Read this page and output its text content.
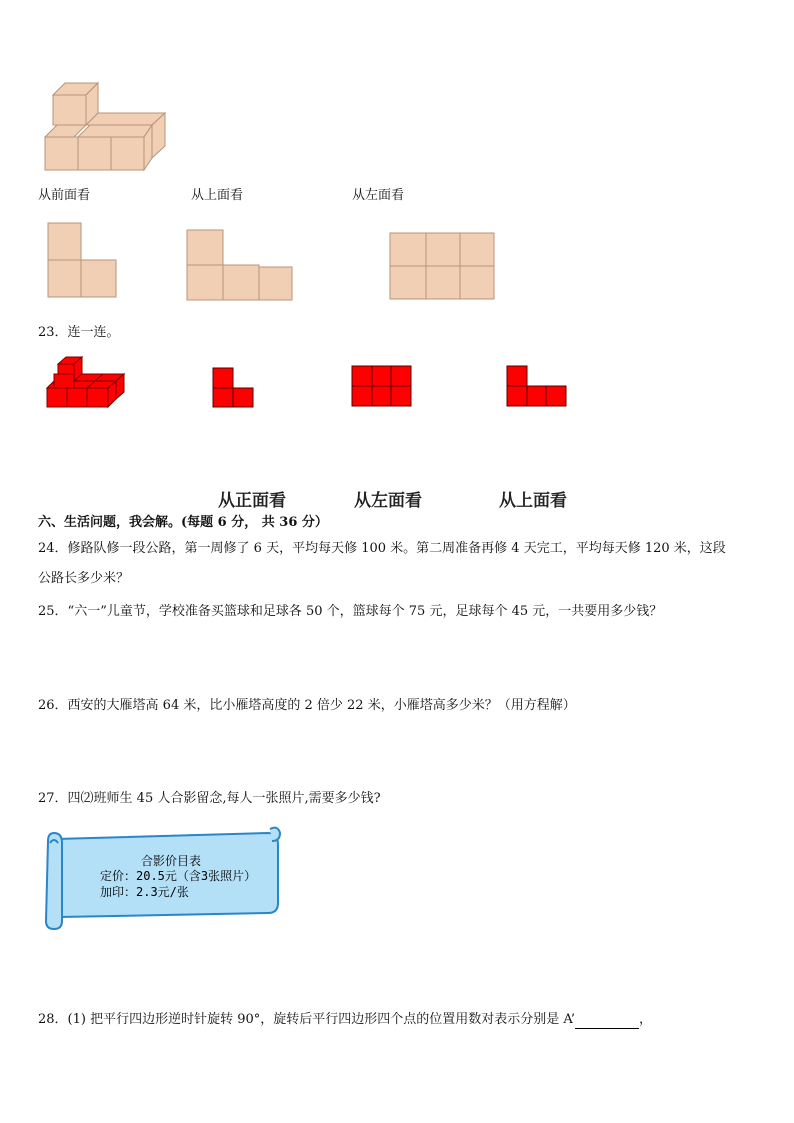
从前面看	从上面看	从左面看
23．连一连。
从正面看	从左面看	从上面看
六、生活问题，我会解。(每题 6 分， 共 36 分）
24．修路队修一段公路，第一周修了 6 天，平均每天修 100 米。第二周准备再修 4 天完工，平均每天修 120 米，这段
公路长多少米？
25．“六一”儿童节，学校准备买篮球和足球各 50 个，篮球每个 75 元，足球每个 45 元，一共要用多少钱？
26．西安的大雁塔高 64 米，比小雁塔高度的 2 倍少 22 米，小雁塔高多少米？（用方程解）
27．四⑵班师生 45 人合影留念,每人一张照片,需要多少钱?
合影价目表
定价：20.5元（含3张照片）
加印：2.3元/张
28．(1) 把平行四边形逆时针旋转 90°，旋转后平行四边形四个点的位置用数对表示分别是 A’	，
